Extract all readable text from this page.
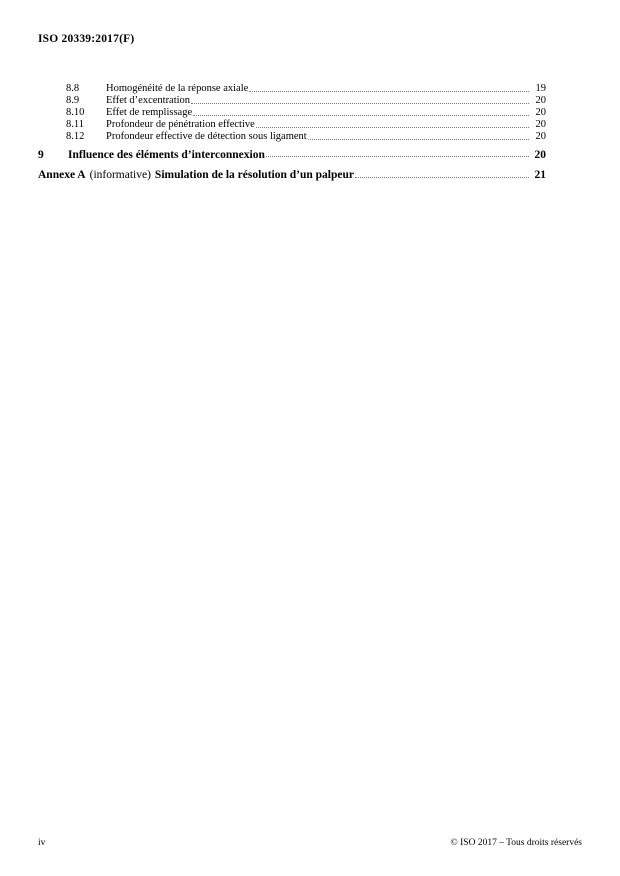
ISO 20339:2017(F)
8.8	Homogénéité de la réponse axiale	19
8.9	Effet d’excentration	20
8.10	Effet de remplissage	20
8.11	Profondeur de pénétration effective	20
8.12	Profondeur effective de détection sous ligament	20
9	Influence des éléments d’interconnexion	20
Annexe A (informative) Simulation de la résolution d’un palpeur	21
iv	© ISO 2017 – Tous droits réservés
